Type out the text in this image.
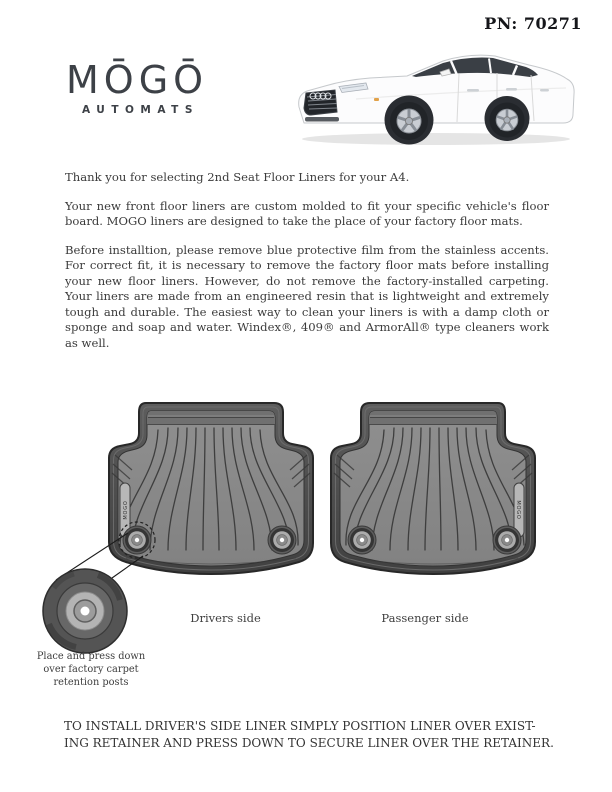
PN: 70271
MŌGŌ
AUTOMATS

Thank you for selecting 2nd Seat Floor Liners for your A4.

Your new front floor liners are custom molded to fit your specific vehicle's floor board. MOGO liners are designed to take the place of your factory floor mats.

Before installtion, please remove blue protective film from the stainless accents. For correct fit, it is necessary to remove the factory floor mats before installing your new floor liners. However, do not remove the factory-installed carpeting. Your liners are made from an engineered resin that is lightweight and extremely tough and durable. The easiest way to clean your liners is with a damp cloth or sponge and soap and water. Windex®, 409® and ArmorAll® type cleaners work as well.

MOGO	MOGO
Place and press down
over factory carpet
retention posts
Drivers side	Passenger side
TO INSTALL DRIVER'S SIDE LINER SIMPLY POSITION LINER OVER EXIST-
ING RETAINER AND PRESS DOWN TO SECURE LINER OVER THE RETAINER.
